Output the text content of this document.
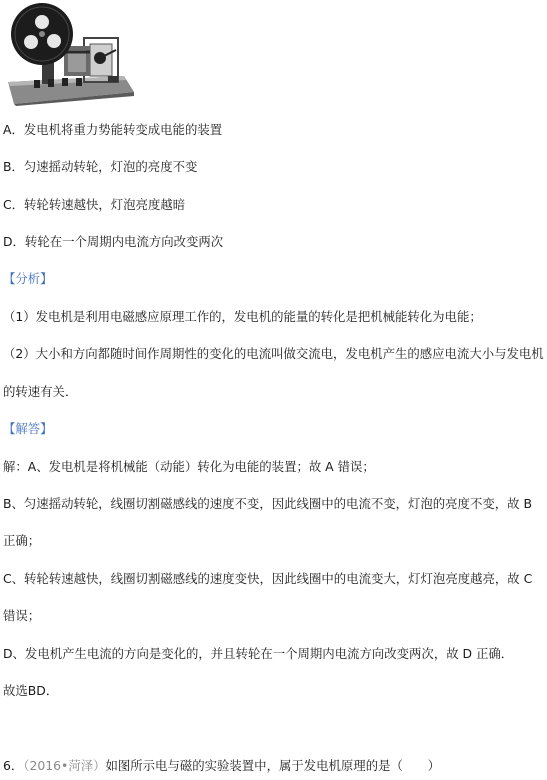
A．发电机将重力势能转变成电能的装置
B．匀速摇动转轮，灯泡的亮度不变
C．转轮转速越快，灯泡亮度越暗
D．转轮在一个周期内电流方向改变两次
【分析】
（1）发电机是利用电磁感应原理工作的，发电机的能量的转化是把机械能转化为电能；
（2）大小和方向都随时间作周期性的变化的电流叫做交流电，发电机产生的感应电流大小与发电机
的转速有关．
【解答】
解：A、发电机是将机械能（动能）转化为电能的装置；故 A 错误；
B、匀速摇动转轮，线圈切割磁感线的速度不变，因此线圈中的电流不变，灯泡的亮度不变，故 B
正确；
C、转轮转速越快，线圈切割磁感线的速度变快，因此线圈中的电流变大，灯灯泡亮度越亮，故 C
错误；
D、发电机产生电流的方向是变化的，并且转轮在一个周期内电流方向改变两次，故 D 正确．
故选BD．
6．（2016•菏泽）如图所示电与磁的实验装置中，属于发电机原理的是（　　）
